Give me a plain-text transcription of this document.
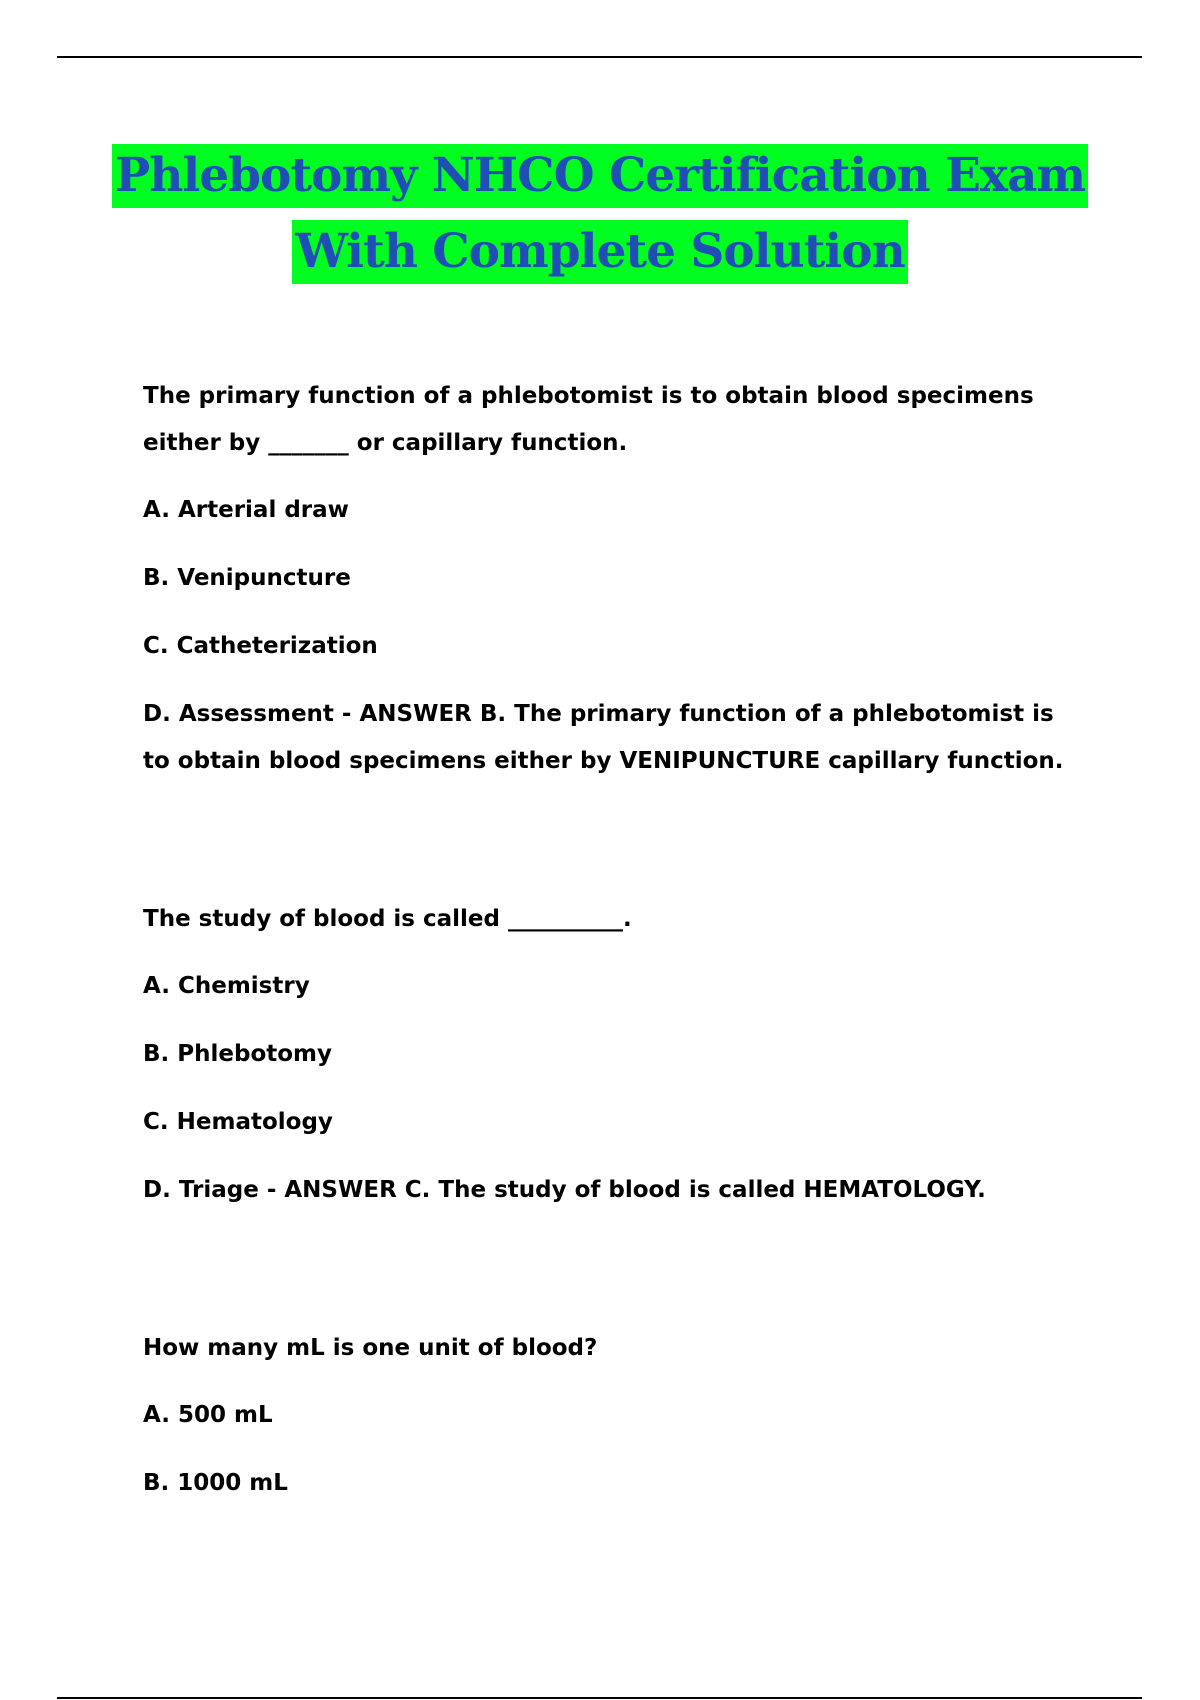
Phlebotomy NHCO Certification Exam
With Complete Solution

The primary function of a phlebotomist is to obtain blood specimens either by _______ or capillary function.

A. Arterial draw

B. Venipuncture

C. Catheterization

D. Assessment - ANSWER B. The primary function of a phlebotomist is to obtain blood specimens either by VENIPUNCTURE capillary function.

The study of blood is called __________.

A. Chemistry

B. Phlebotomy

C. Hematology

D. Triage - ANSWER C. The study of blood is called HEMATOLOGY.

How many mL is one unit of blood?

A. 500 mL

B. 1000 mL
